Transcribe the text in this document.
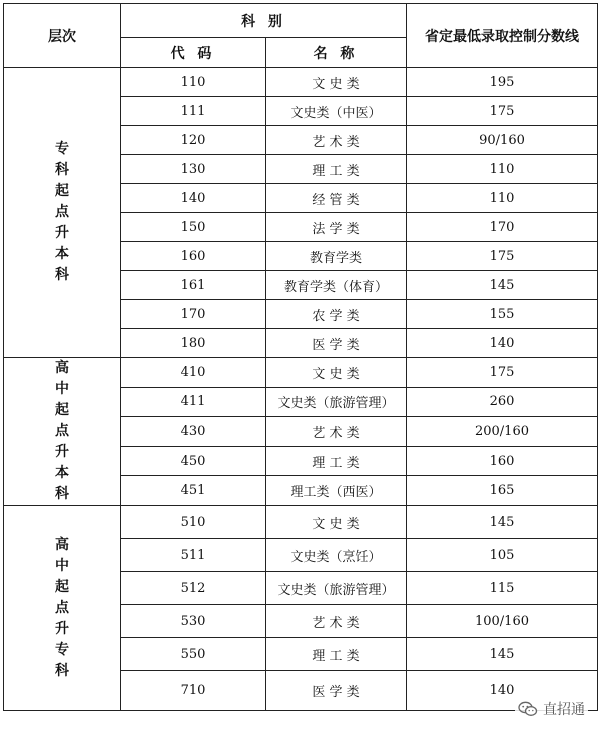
层次	科 别		省定最低录取控制分数线
	代 码	名 称	

专科起点升本科	110	文 史 类	195
	111	文史类（中医）	175
	120	艺 术 类	90/160
	130	理 工 类	110
	140	经 管 类	110
	150	法 学 类	170
	160	教育学类	175
	161	教育学类（体育）	145
	170	农 学 类	155
	180	医 学 类	140

高中起点升本科	410	文 史 类	175
	411	文史类（旅游管理）	260
	430	艺 术 类	200/160
	450	理 工 类	160
	451	理工类（西医）	165

高中起点升专科	510	文 史 类	145
	511	文史类（烹饪）	105
	512	文史类（旅游管理）	115
	530	艺 术 类	100/160
	550	理 工 类	145
	710	医 学 类	140
直招通
